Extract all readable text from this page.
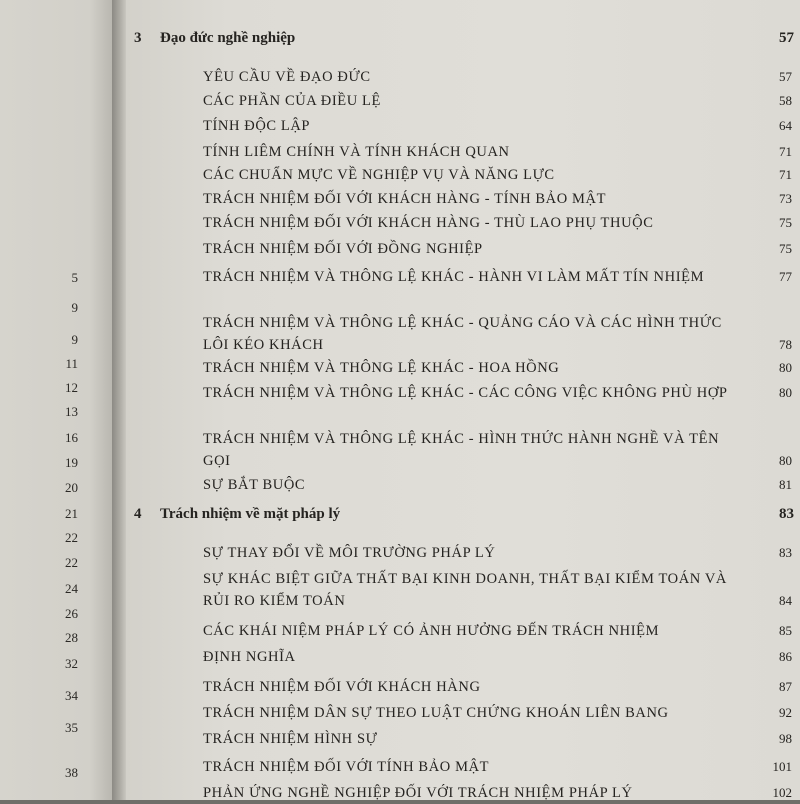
5
9
9
11
12
13
16
19
20
21
22
22
24
26
28
32
34
35
38
3 Đạo đức nghề nghiệp	57
YÊU CẦU VỀ ĐẠO ĐỨC	57
CÁC PHẦN CỦA ĐIỀU LỆ	58
TÍNH ĐỘC LẬP	64
TÍNH LIÊM CHÍNH VÀ TÍNH KHÁCH QUAN	71
CÁC CHUẨN MỰC VỀ NGHIỆP VỤ VÀ NĂNG LỰC	71
TRÁCH NHIỆM ĐỐI VỚI KHÁCH HÀNG - TÍNH BẢO MẬT	73
TRÁCH NHIỆM ĐỐI VỚI KHÁCH HÀNG - THÙ LAO PHỤ THUỘC	75
TRÁCH NHIỆM ĐỐI VỚI ĐỒNG NGHIỆP	75
TRÁCH NHIỆM VÀ THÔNG LỆ KHÁC - HÀNH VI LÀM MẤT TÍN NHIỆM	77
TRÁCH NHIỆM VÀ THÔNG LỆ KHÁC - QUẢNG CÁO VÀ CÁC HÌNH THỨC LÔI KÉO KHÁCH	78
TRÁCH NHIỆM VÀ THÔNG LỆ KHÁC - HOA HỒNG	80
TRÁCH NHIỆM VÀ THÔNG LỆ KHÁC - CÁC CÔNG VIỆC KHÔNG PHÙ HỢP	80
TRÁCH NHIỆM VÀ THÔNG LỆ KHÁC - HÌNH THỨC HÀNH NGHỀ VÀ TÊN GỌI	80
SỰ BẮT BUỘC	81
4 Trách nhiệm về mặt pháp lý	83
SỰ THAY ĐỔI VỀ MÔI TRƯỜNG PHÁP LÝ	83
SỰ KHÁC BIỆT GIỮA THẤT BẠI KINH DOANH, THẤT BẠI KIỂM TOÁN VÀ RỦI RO KIỂM TOÁN	84
CÁC KHÁI NIỆM PHÁP LÝ CÓ ẢNH HƯỞNG ĐẾN TRÁCH NHIỆM	85
ĐỊNH NGHĨA	86
TRÁCH NHIỆM ĐỐI VỚI KHÁCH HÀNG	87
TRÁCH NHIỆM DÂN SỰ THEO LUẬT CHỨNG KHOÁN LIÊN BANG	92
TRÁCH NHIỆM HÌNH SỰ	98
TRÁCH NHIỆM ĐỐI VỚI TÍNH BẢO MẬT	101
PHẢN ỨNG NGHỀ NGHIỆP ĐỐI VỚI TRÁCH NHIỆM PHÁP LÝ	102
